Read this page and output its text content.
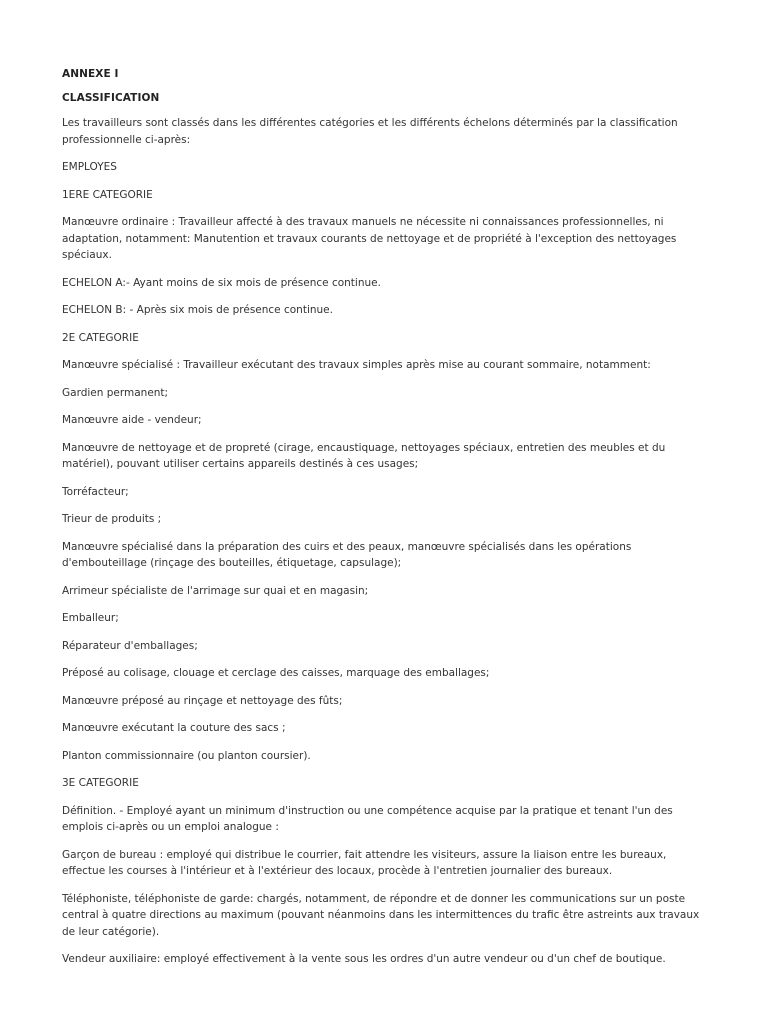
ANNEXE I

CLASSIFICATION

Les travailleurs sont classés dans les différentes catégories et les différents échelons déterminés par la classification professionnelle ci-après:

EMPLOYES

1ERE CATEGORIE

Manœuvre ordinaire : Travailleur affecté à des travaux manuels ne nécessite ni connaissances professionnelles, ni adaptation, notamment: Manutention et travaux courants de nettoyage et de propriété à l'exception des nettoyages spéciaux.

ECHELON A:- Ayant moins de six mois de présence continue.

ECHELON B: - Après six mois de présence continue.

2E CATEGORIE

Manœuvre spécialisé : Travailleur exécutant des travaux simples après mise au courant sommaire, notamment:

Gardien permanent;

Manœuvre aide - vendeur;

Manœuvre de nettoyage et de propreté (cirage, encaustiquage, nettoyages spéciaux, entretien des meubles et du matériel), pouvant utiliser certains appareils destinés à ces usages;

Torréfacteur;

Trieur de produits ;

Manœuvre spécialisé dans la préparation des cuirs et des peaux, manœuvre spécialisés dans les opérations d'embouteillage (rinçage des bouteilles, étiquetage, capsulage);

Arrimeur spécialiste de l'arrimage sur quai et en magasin;

Emballeur;

Réparateur d'emballages;

Préposé au colisage, clouage et cerclage des caisses, marquage des emballages;

Manœuvre préposé au rinçage et nettoyage des fûts;

Manœuvre exécutant la couture des sacs ;

Planton commissionnaire (ou planton coursier).

3E CATEGORIE

Définition. - Employé ayant un minimum d'instruction ou une compétence acquise par la pratique et tenant l'un des emplois ci-après ou un emploi analogue :

Garçon de bureau : employé qui distribue le courrier, fait attendre les visiteurs, assure la liaison entre les bureaux, effectue les courses à l'intérieur et à l'extérieur des locaux, procède à l'entretien journalier des bureaux.

Téléphoniste, téléphoniste de garde: chargés, notamment, de répondre et de donner les communications sur un poste central à quatre directions au maximum (pouvant néanmoins dans les intermittences du trafic être astreints aux travaux de leur catégorie).

Vendeur auxiliaire: employé effectivement à la vente sous les ordres d'un autre vendeur ou d'un chef de boutique.
